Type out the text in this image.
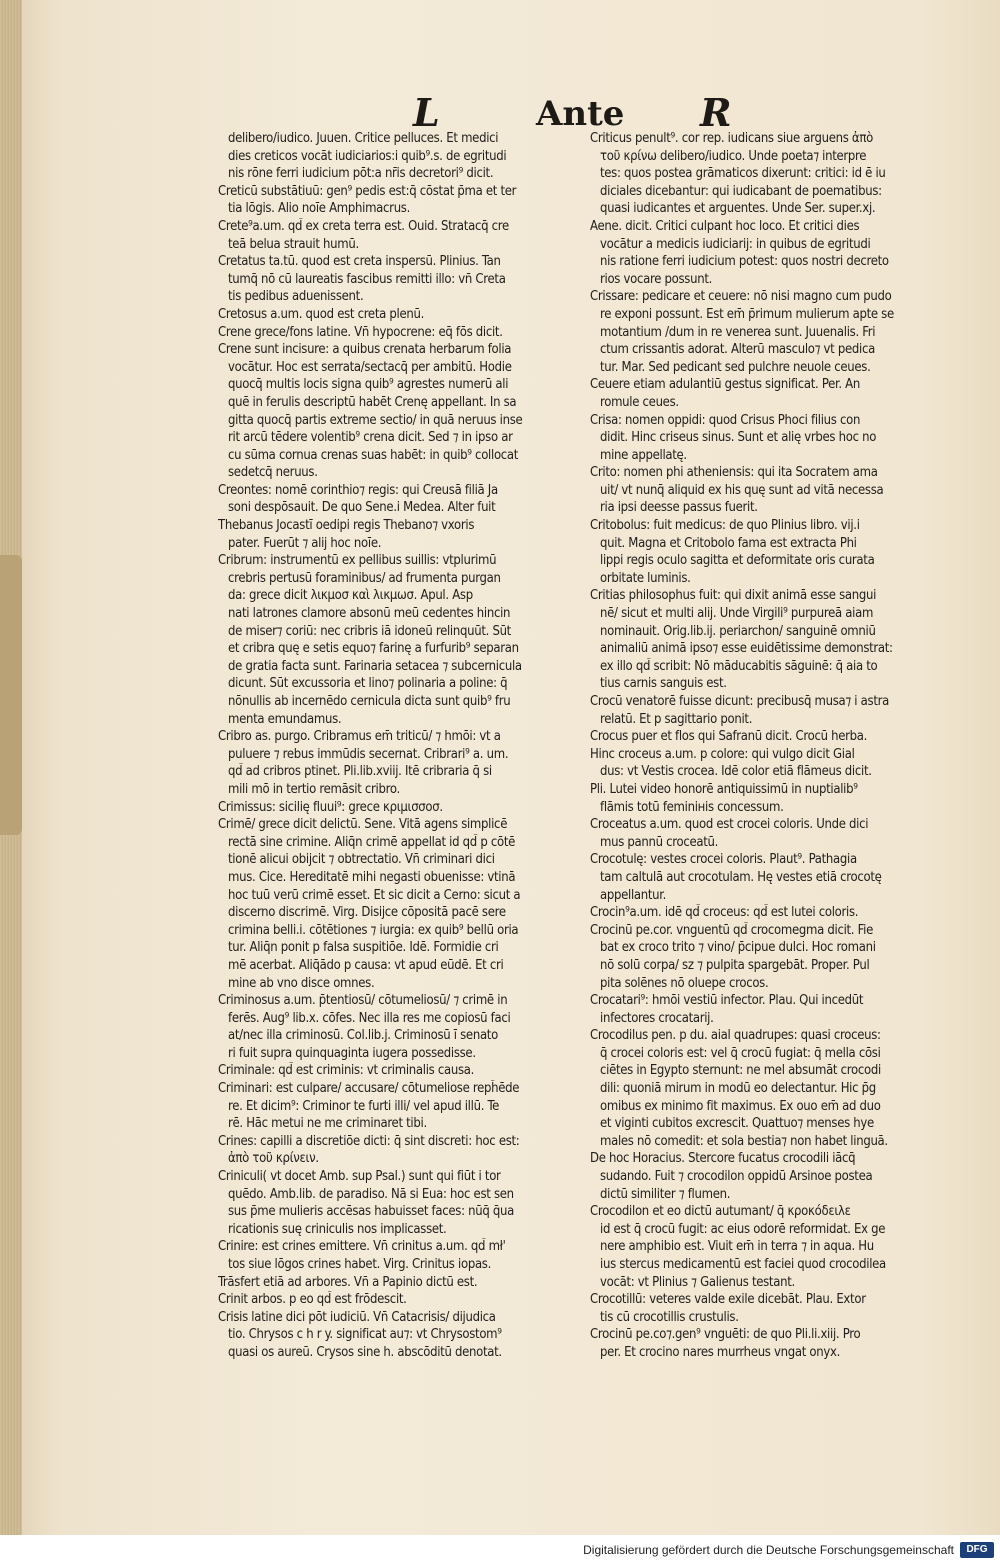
L	Ante R

delibero/iudico. Juuen. Critice pelluces. Et medici

dies creticos vocāt iudiciarios:i quib⁹.s. de egritudi

nis rōne ferri iudicium pōt:a nr̄is decretori⁹ dicit.

Creticū substātiuū: gen⁹ pedis est:q̄ cōstat p̄ma et ter

tia lōgis. Alio noīe Amphimacrus.

Crete⁹a.um. qd̄ ex creta terra est. Ouid. Stratacq̄ cre

teā belua strauit humū.

Cretatus ta.tū. quod est creta inspersū. Plinius. Tan

tumq̄ nō cū laureatis fascibus remitti illo: vn̄ Creta

tis pedibus aduenissent.

Cretosus a.um. quod est creta plenū.

Crene grece/fons latine. Vn̄ hypocrene: eq̄ fōs dicit.

Crene sunt incisure: a quibus crenata herbarum folia

vocātur. Hoc est serrata/sectacq̄ per ambitū. Hodie

quocq̄ multis locis signa quib⁹ agrestes numerū ali

quē in ferulis descriptū habēt Crenę appellant. In sa

gitta quocq̄ partis extreme sectio/ in quā neruus inse

rit arcū tēdere volentib⁹ crena dicit. Sed ⁊ in ipso ar

cu sūma cornua crenas suas habēt: in quib⁹ collocat

sedetcq̄ neruus.

Creontes: nomē corinthio⁊ regis: qui Creusā filiā Ja

soni despōsauit. De quo Sene.i Medea. Alter fuit

Thebanus Jocastī oedipi regis Thebano⁊ vxoris

pater. Fuerūt ⁊ alij hoc noīe.

Cribrum: instrumentū ex pellibus suillis: vtplurimū

crebris pertusū foraminibus/ ad frumenta purgan

da: grece dicit λικμοσ καὶ λικμωσ. Apul. Asp

nati latrones clamore absonū meū cedentes hincin

de miser⁊ coriū: nec cribris iā idoneū relinquūt. Sūt

et cribra quę e setis equo⁊ farinę a furfurib⁹ separan

de gratia facta sunt. Farinaria setacea ⁊ subcernicula

dicunt. Sūt excussoria et lino⁊ polinaria a poline: q̄

nōnullis ab incernēdo cernicula dicta sunt quib⁹ fru

menta emundamus.

Cribro as. purgo. Cribramus em̄ triticū/ ⁊ hmōi: vt a

puluere ⁊ rebus immūdis secernat. Cribrari⁹ a. um.

qd̄ ad cribros ptinet. Pli.lib.xviij. Itē cribraria q̄ si

mili mō in tertio remāsit cribro.

Crimissus: sicilię fluui⁹: grece κριμισσοσ.

Crimē/ grece dicit delictū. Sene. Vitā agens simplicē

rectā sine crimine. Aliq̄n crimē appellat id qd̄ p cōtē

tionē alicui obijcit ⁊ obtrectatio. Vn̄ criminari dici

mus. Cice. Hereditatē mihi negasti obuenisse: vtinā

hoc tuū verū crimē esset. Et sic dicit a Cerno: sicut a

discerno discrimē. Virg. Disijce cōpositā pacē sere

crimina belli.i. cōtētiones ⁊ iurgia: ex quib⁹ bellū oria

tur. Aliq̄n ponit p falsa suspitiōe. Idē. Formidie cri

mē acerbat. Aliq̄ādo p causa: vt apud eūdē. Et cri

mine ab vno disce omnes.

Criminosus a.um. p̄tentiosū/ cōtumeliosū/ ⁊ crimē in

ferēs. Aug⁹ lib.x. cōfes. Nec illa res me copiosū faci

at/nec illa criminosū. Col.lib.j. Criminosū ī senato

ri fuit supra quinquaginta iugera possedisse.

Criminale: qd̄ est criminis: vt criminalis causa.

Criminari: est culpare/ accusare/ cōtumeliose reph̄ēde

re. Et dicim⁹: Criminor te furti illi/ vel apud illū. Te

rē. Hāc metui ne me criminaret tibi.

Crines: capilli a discretiōe dicti: q̄ sint discreti: hoc est:

ἀπὸ τοῦ κρίνειν.

Criniculi( vt docet Amb. sup Psal.) sunt qui fiūt i tor

quēdo. Amb.lib. de paradiso. Nā si Eua: hoc est sen

sus p̄me mulieris accēsas habuisset faces: nūq̄ q̄ua

ricationis suę criniculis nos implicasset.

Crinire: est crines emittere. Vn̄ crinitus a.um. qd̄ mł'

tos siue lōgos crines habet. Virg. Crinitus iopas.

Trāsfert etiā ad arbores. Vn̄ a Papinio dictū est.

Crinit arbos. p eo qd̄ est frōdescit.

Crisis latine dici pōt iudiciū. Vn̄ Catacrisis/ dijudica

tio. Chrysos c h r y. significat au⁊: vt Chrysostom⁹

quasi os aureū. Crysos sine h. abscōditū denotat.

Criticus penult⁹. cor rep. iudicans siue arguens ἀπὸ

τοῦ κρίνω delibero/iudico. Unde poeta⁊ interpre

tes: quos postea grāmaticos dixerunt: critici: id ē iu

diciales dicebantur: qui iudicabant de poematibus:

quasi iudicantes et arguentes. Unde Ser. super.xj.

Aene. dicit. Critici culpant hoc loco. Et critici dies

vocātur a medicis iudiciarij: in quibus de egritudi

nis ratione ferri iudicium potest: quos nostri decreto

rios vocare possunt.

Crissare: pedicare et ceuere: nō nisi magno cum pudo

re exponi possunt. Est em̄ p̄rimum mulierum apte se

motantium /dum in re venerea sunt. Juuenalis. Fri

ctum crissantis adorat. Alterū masculo⁊ vt pedica

tur. Mar. Sed pedicant sed pulchre neuole ceues.

Ceuere etiam adulantiū gestus significat. Per. An

romule ceues.

Crisa: nomen oppidi: quod Crisus Phoci filius con

didit. Hinc criseus sinus. Sunt et alię vrbes hoc no

mine appellatę.

Crito: nomen phi atheniensis: qui ita Socratem ama

uit/ vt nunq̄ aliquid ex his quę sunt ad vitā necessa

ria ipsi deesse passus fuerit.

Critobolus: fuit medicus: de quo Plinius libro. vij.i

quit. Magna et Critobolo fama est extracta Phi

lippi regis oculo sagitta et deformitate oris curata

orbitate luminis.

Critias philosophus fuit: qui dixit animā esse sangui

nē/ sicut et multi alij. Unde Virgili⁹ purpureā aiam

nominauit. Orig.lib.ij. periarchon/ sanguinē omniū

animaliū animā ipso⁊ esse euidētissime demonstrat:

ex illo qd̄ scribit: Nō māducabitis sāguinē: q̄ aia to

tius carnis sanguis est.

Crocū venatorē fuisse dicunt: precibusq̄ musa⁊ i astra

relatū. Et p sagittario ponit.

Crocus puer et flos qui Safranū dicit. Crocū herba.

Hinc croceus a.um. p colore: qui vulgo dicit Gial

dus: vt Vestis crocea. Idē color etiā flāmeus dicit.

Pli. Lutei video honorē antiquissimū in nuptialib⁹

flāmis totū feminінis concessum.

Croceatus a.um. quod est crocei coloris. Unde dici

mus pannū croceatū.

Crocotulę: vestes crocei coloris. Plaut⁹. Pathagia

tam caltulā aut crocotulam. Hę vestes etiā crocotę

appellantur.

Crocin⁹a.um. idē qd̄ croceus: qd̄ est lutei coloris.

Crocinū pe.cor. vnguentū qd̄ crocomegma dicit. Fie

bat ex croco trito ⁊ vino/ p̄cipue dulci. Hoc romani

nō solū corpa/ sz ⁊ pulpita spargebāt. Proper. Pul

pita solēnes nō olueре crocos.

Crocatari⁹: hmōi vestiū infector. Plau. Qui incedūt

infectores crocatarij.

Crocodilus pen. p du. aial quadrupes: quasi croceus:

q̄ crocei coloris est: vel q̄ crocū fugiat: q̄ mella cōsi

ciētes in Egypto sternunt: ne mel absumāt crocodi

dili: quoniā mirum in modū eo delectantur. Hic p̄g

omibus ex minimo fit maximus. Ex ouo em̄ ad duo

et viginti cubitos excrescit. Quattuo⁊ menses hye

males nō comedit: et sola bestia⁊ non habet linguā.

De hoc Horacius. Stercore fucatus crocodili iācq̄

sudando. Fuit ⁊ crocodilon oppidū Arsinoe postea

dictū similiter ⁊ flumen.

Crocodilon et eo dictū autumant/ q̄ κροκόδειλε

id est q̄ crocū fugit: ac eius odorē reformidat. Ex ge

nere amphibio est. Viuit em̄ in terra ⁊ in aqua. Hu

ius stercus medicamentū est faciei quod crocodilea

vocāt: vt Plinius ⁊ Galienus testant.

Crocotillū: veteres valde exile dicebāt. Plau. Extor

tis cū crocotillis crustulis.

Crocinū pe.co⁊.gen⁹ vnguēti: de quo Pli.li.xiij. Pro

per. Et crocino nares murrheus vngat onyx.

Digitalisierung gefördert durch die Deutsche Forschungsgemeinschaft	DFG
